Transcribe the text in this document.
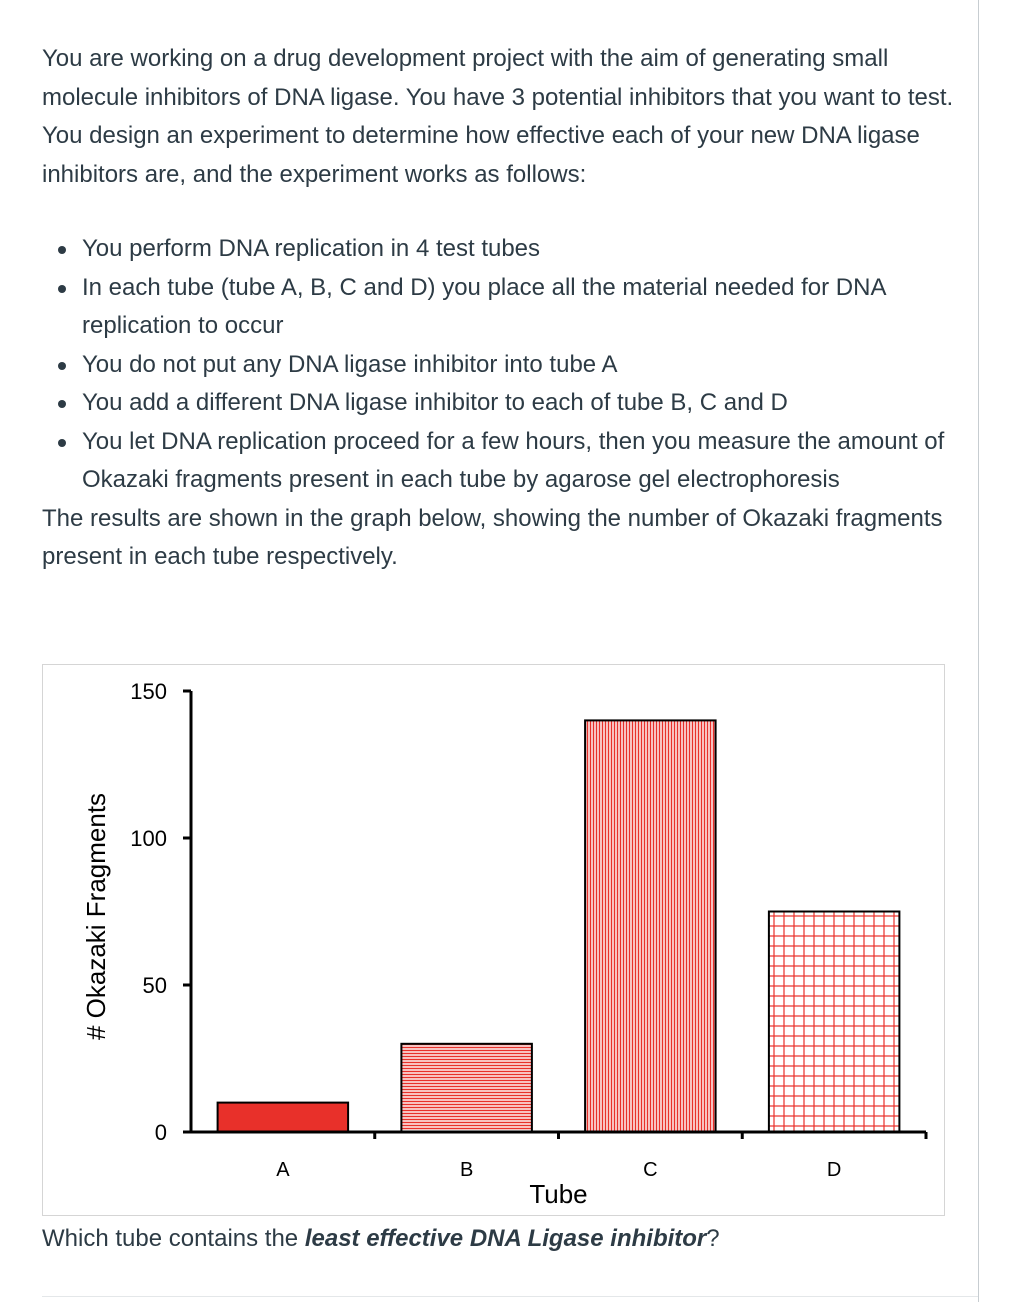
You are working on a drug development project with the aim of generating small molecule inhibitors of DNA ligase. You have 3 potential inhibitors that you want to test. You design an experiment to determine how effective each of your new DNA ligase inhibitors are, and the experiment works as follows:

You perform DNA replication in 4 test tubes
In each tube (tube A, B, C and D) you place all the material needed for DNA replication to occur
You do not put any DNA ligase inhibitor into tube A
You add a different DNA ligase inhibitor to each of tube B, C and D
You let DNA replication proceed for a few hours, then you measure the amount of Okazaki fragments present in each tube by agarose gel electrophoresis

The results are shown in the graph below, showing the number of Okazaki fragments present in each tube respectively.

0
50
100
150
A	B	C	D
Tube
# Okazaki Fragments
Which tube contains the least effective DNA Ligase inhibitor?
